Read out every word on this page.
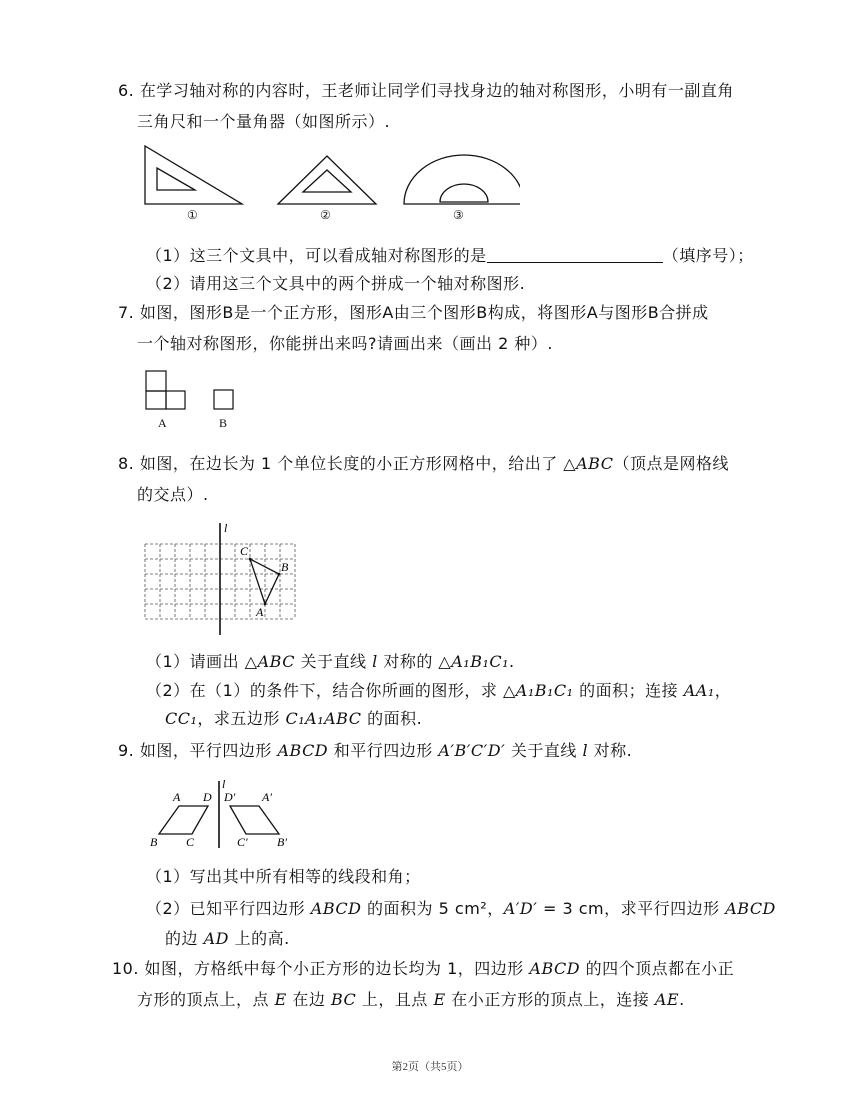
6. 在学习轴对称的内容时，王老师让同学们寻找身边的轴对称图形，小明有一副直角
三角尺和一个量角器（如图所示）.
①	②	③
（1）这三个文具中，可以看成轴对称图形的是	（填序号）；
（2）请用这三个文具中的两个拼成一个轴对称图形.
7. 如图，图形B是一个正方形，图形A由三个图形B构成，将图形A与图形B合拼成
一个轴对称图形，你能拼出来吗?请画出来（画出 2 种）.
A	B
8. 如图，在边长为 1 个单位长度的小正方形网格中，给出了 △ABC（顶点是网格线
的交点）.
l
C
B
A
（1）请画出 △ABC 关于直线 l 对称的 △A₁B₁C₁.
（2）在（1）的条件下，结合你所画的图形，求 △A₁B₁C₁ 的面积；连接 AA₁，
CC₁，求五边形 C₁A₁ABC 的面积.
9. 如图，平行四边形 ABCD 和平行四边形 A′B′C′D′ 关于直线 l 对称.
l
A D
B C
D′ A′
C′ B′
（1）写出其中所有相等的线段和角；
（2）已知平行四边形 ABCD 的面积为 5 cm²，A′D′ = 3 cm，求平行四边形 ABCD
的边 AD 上的高.
10. 如图，方格纸中每个小正方形的边长均为 1，四边形 ABCD 的四个顶点都在小正
方形的顶点上，点 E 在边 BC 上，且点 E 在小正方形的顶点上，连接 AE.
第2页（共5页）
